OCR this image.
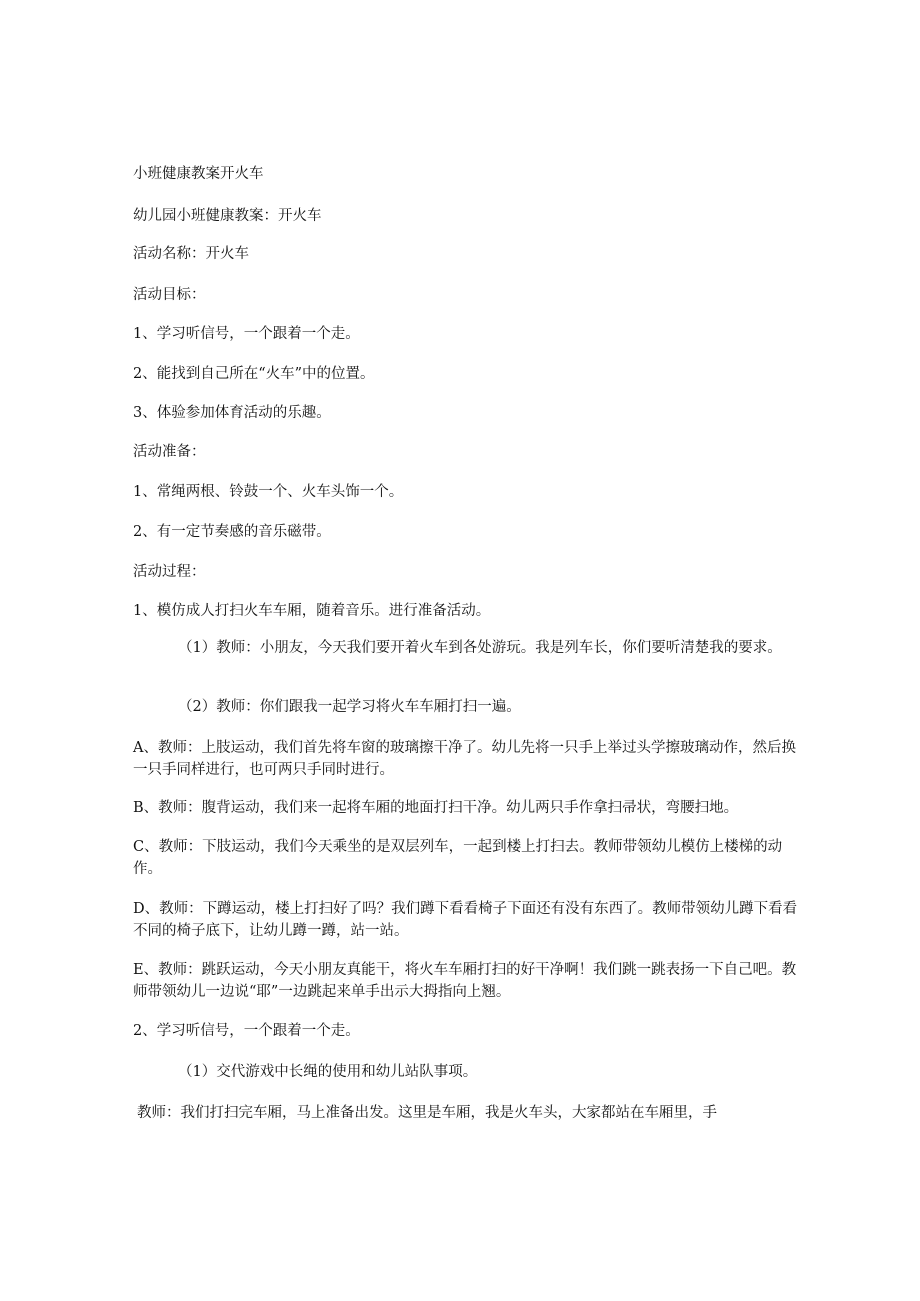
小班健康教案开火车

幼儿园小班健康教案：开火车

活动名称：开火车

活动目标：

1、学习听信号，一个跟着一个走。

2、能找到自己所在“火车”中的位置。

3、体验参加体育活动的乐趣。

活动准备：

1、常绳两根、铃鼓一个、火车头饰一个。

2、有一定节奏感的音乐磁带。

活动过程：

1、模仿成人打扫火车车厢，随着音乐。进行准备活动。

（1）教师：小朋友，今天我们要开着火车到各处游玩。我是列车长，你们要听清楚我的要求。

（2）教师：你们跟我一起学习将火车车厢打扫一遍。

A、教师：上肢运动，我们首先将车窗的玻璃擦干净了。幼儿先将一只手上举过头学擦玻璃动作，然后换一只手同样进行，也可两只手同时进行。

B、教师：腹背运动，我们来一起将车厢的地面打扫干净。幼儿两只手作拿扫帚状，弯腰扫地。

C、教师：下肢运动，我们今天乘坐的是双层列车，一起到楼上打扫去。教师带领幼儿模仿上楼梯的动作。

D、教师：下蹲运动，楼上打扫好了吗？我们蹲下看看椅子下面还有没有东西了。教师带领幼儿蹲下看看不同的椅子底下，让幼儿蹲一蹲，站一站。

E、教师：跳跃运动，今天小朋友真能干，将火车车厢打扫的好干净啊！我们跳一跳表扬一下自己吧。教师带领幼儿一边说“耶”一边跳起来单手出示大拇指向上翘。

2、学习听信号，一个跟着一个走。

（1）交代游戏中长绳的使用和幼儿站队事项。

教师：我们打扫完车厢，马上准备出发。这里是车厢，我是火车头，大家都站在车厢里，手
